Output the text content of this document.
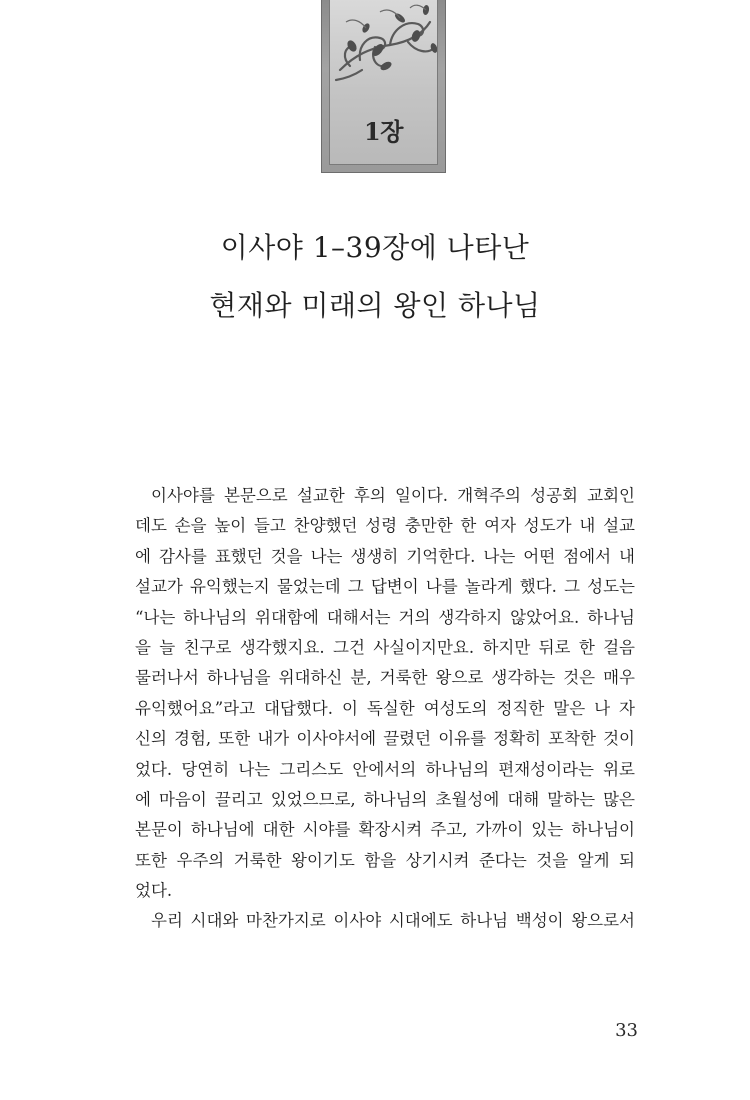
1장
이사야 1–39장에 나타난
현재와 미래의 왕인 하나님
이사야를 본문으로 설교한 후의 일이다. 개혁주의 성공회 교회인
데도 손을 높이 들고 찬양했던 성령 충만한 한 여자 성도가 내 설교
에 감사를 표했던 것을 나는 생생히 기억한다. 나는 어떤 점에서 내
설교가 유익했는지 물었는데 그 답변이 나를 놀라게 했다. 그 성도는
“나는 하나님의 위대함에 대해서는 거의 생각하지 않았어요. 하나님
을 늘 친구로 생각했지요. 그건 사실이지만요. 하지만 뒤로 한 걸음
물러나서 하나님을 위대하신 분, 거룩한 왕으로 생각하는 것은 매우
유익했어요”라고 대답했다. 이 독실한 여성도의 정직한 말은 나 자
신의 경험, 또한 내가 이사야서에 끌렸던 이유를 정확히 포착한 것이
었다. 당연히 나는 그리스도 안에서의 하나님의 편재성이라는 위로
에 마음이 끌리고 있었으므로, 하나님의 초월성에 대해 말하는 많은
본문이 하나님에 대한 시야를 확장시켜 주고, 가까이 있는 하나님이
또한 우주의 거룩한 왕이기도 함을 상기시켜 준다는 것을 알게 되
었다.
우리 시대와 마찬가지로 이사야 시대에도 하나님 백성이 왕으로서
33
